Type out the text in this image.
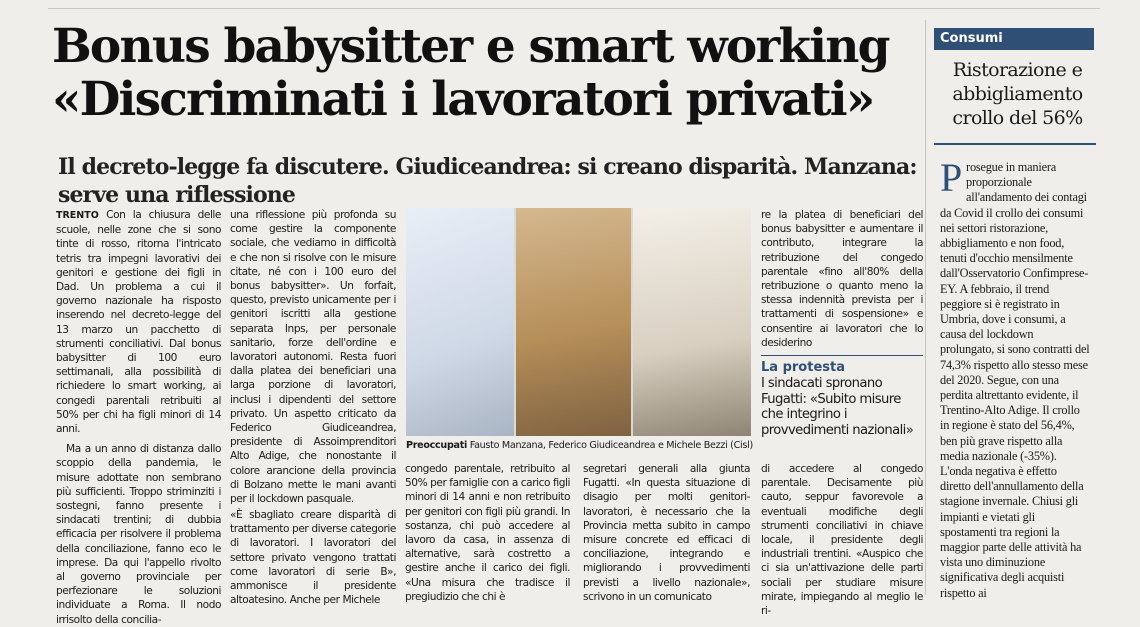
Bonus babysitter e smart working
«Discriminati i lavoratori privati»
Il decreto-legge fa discutere. Giudiceandrea: si creano disparità. Manzana: serve una riflessione
Consumi
Ristorazione e abbigliamento crollo del 56%
P rosegue in maniera proporzionale all'andamento dei contagi da Covid il crollo dei consumi nei settori ristorazione, abbigliamento e non food, tenuti d'occhio mensilmente dall'Osservatorio Confimprese-EY. A febbraio, il trend peggiore si è registrato in Umbria, dove i consumi, a causa del lockdown prolungato, si sono contratti del 74,3% rispetto allo stesso mese del 2020. Segue, con una perdita altrettanto evidente, il Trentino-Alto Adige. Il crollo in regione è stato del 56,4%, ben più grave rispetto alla media nazionale (-35%). L'onda negativa è effetto diretto dell'annullamento della stagione invernale. Chiusi gli impianti e vietati gli spostamenti tra regioni la maggior parte delle attività ha vista uno diminuzione significativa degli acquisti rispetto ai
TRENTO Con la chiusura delle scuole, nelle zone che si sono tinte di rosso, ritorna l'intricato tetris tra impegni lavorativi dei genitori e gestione dei figli in Dad. Un problema a cui il governo nazionale ha risposto inserendo nel decreto-legge del 13 marzo un pacchetto di strumenti conciliativi. Dal bonus babysitter di 100 euro settimanali, alla possibilità di richiedere lo smart working, ai congedi parentali retribuiti al 50% per chi ha figli minori di 14 anni.

Ma a un anno di distanza dallo scoppio della pandemia, le misure adottate non sembrano più sufficienti. Troppo striminziti i sostegni, fanno presente i sindacati trentini; di dubbia efficacia per risolvere il problema della conciliazione, fanno eco le imprese. Da qui l'appello rivolto al governo provinciale per perfezionare le soluzioni individuate a Roma. Il nodo irrisolto della concilia-

una riflessione più profonda su come gestire la componente sociale, che vediamo in difficoltà e che non si risolve con le misure citate, né con i 100 euro del bonus babysitter». Un forfait, questo, previsto unicamente per i genitori iscritti alla gestione separata Inps, per personale sanitario, forze dell'ordine e lavoratori autonomi. Resta fuori dalla platea dei beneficiari una larga porzione di lavoratori, inclusi i dipendenti del settore privato. Un aspetto criticato da Federico Giudiceandrea, presidente di Assoimprenditori Alto Adige, che nonostante il colore arancione della provincia di Bolzano mette le mani avanti per il lockdown pasquale.
«È sbagliato creare disparità di trattamento per diverse categorie di lavoratori. I lavoratori del settore privato vengono trattati come lavoratori di serie B», ammonisce il presidente altoatesino. Anche per Michele
Preoccupati Fausto Manzana, Federico Giudiceandrea e Michele Bezzi (Cisl)
congedo parentale, retribuito al 50% per famiglie con a carico figli minori di 14 anni e non retribuito per genitori con figli più grandi. In sostanza, chi può accedere al lavoro da casa, in assenza di alternative, sarà costretto a gestire anche il carico dei figli. «Una misura che tradisce il pregiudizio che chi è
segretari generali alla giunta Fugatti. «In questa situazione di disagio per molti genitori-lavoratori, è necessario che la Provincia metta subito in campo misure concrete ed efficaci di conciliazione, integrando e migliorando i provvedimenti previsti a livello nazionale», scrivono in un comunicato
re la platea di beneficiari del bonus babysitter e aumentare il contributo, integrare la retribuzione del congedo parentale «fino all'80% della retribuzione o quanto meno la stessa indennità prevista per i trattamenti di sospensione» e consentire ai lavoratori che lo desiderino
La protesta
I sindacati spronano Fugatti: «Subito misure che integrino i provvedimenti nazionali»
di accedere al congedo parentale. Decisamente più cauto, seppur favorevole a eventuali modifiche degli strumenti conciliativi in chiave locale, il presidente degli industriali trentini. «Auspico che ci sia un'attivazione delle parti sociali per studiare misure mirate, impiegando al meglio le ri-
